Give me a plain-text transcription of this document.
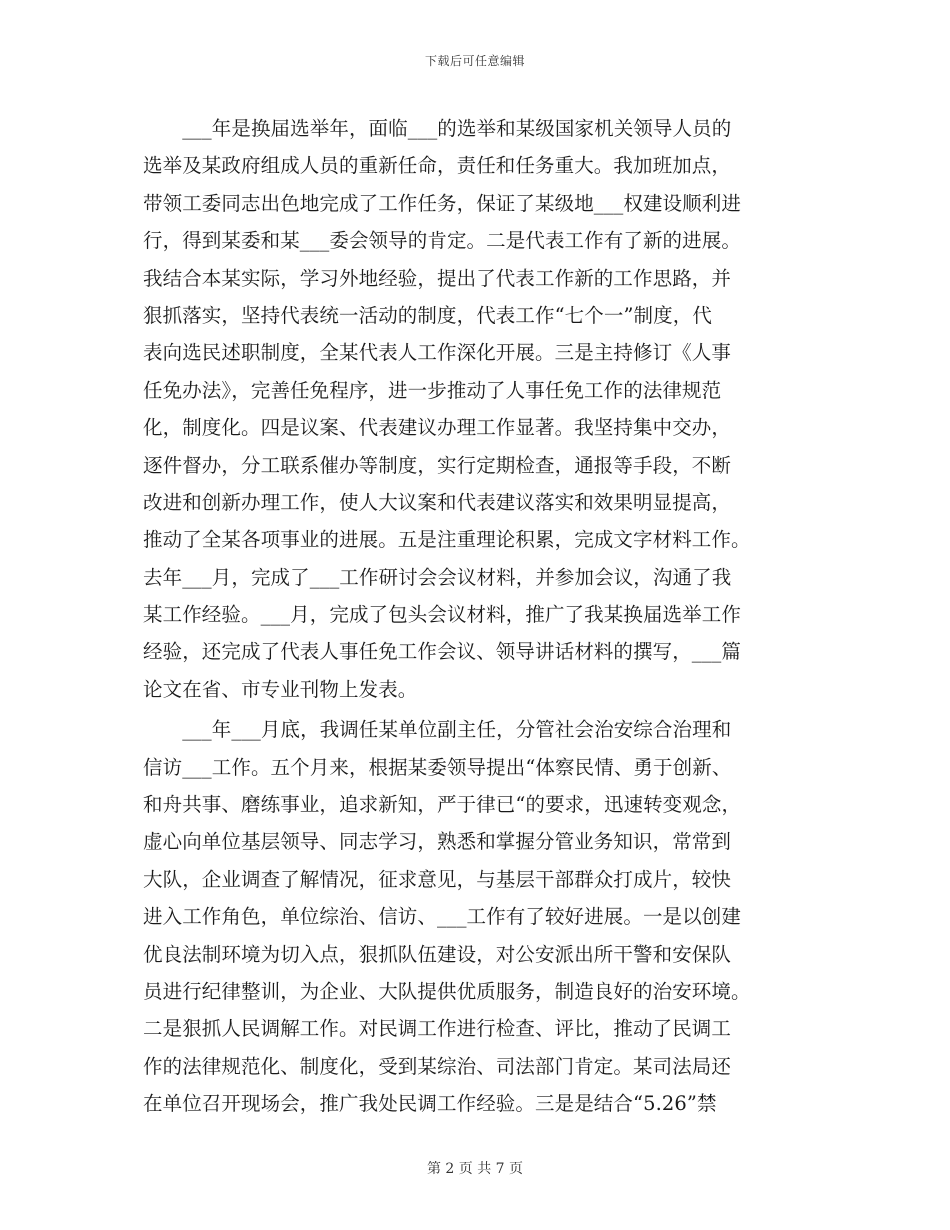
下载后可任意编辑
　　___年是换届选举年，面临___的选举和某级国家机关领导人员的
选举及某政府组成人员的重新任命，责任和任务重大。我加班加点，
带领工委同志出色地完成了工作任务，保证了某级地___权建设顺利进
行，得到某委和某___委会领导的肯定。二是代表工作有了新的进展。
我结合本某实际，学习外地经验，提出了代表工作新的工作思路，并
狠抓落实，坚持代表统一活动的制度，代表工作“七个一”制度，代
表向选民述职制度，全某代表人工作深化开展。三是主持修订《人事
任免办法》，完善任免程序，进一步推动了人事任免工作的法律规范
化，制度化。四是议案、代表建议办理工作显著。我坚持集中交办，
逐件督办，分工联系催办等制度，实行定期检查，通报等手段，不断
改进和创新办理工作，使人大议案和代表建议落实和效果明显提高，
推动了全某各项事业的进展。五是注重理论积累，完成文字材料工作。
去年___月，完成了___工作研讨会会议材料，并参加会议，沟通了我
某工作经验。___月，完成了包头会议材料，推广了我某换届选举工作
经验，还完成了代表人事任免工作会议、领导讲话材料的撰写，___篇
论文在省、市专业刊物上发表。
　　___年___月底，我调任某单位副主任，分管社会治安综合治理和
信访___工作。五个月来，根据某委领导提出“体察民情、勇于创新、
和舟共事、磨练事业，追求新知，严于律已“的要求，迅速转变观念，
虚心向单位基层领导、同志学习，熟悉和掌握分管业务知识，常常到
大队，企业调查了解情况，征求意见，与基层干部群众打成片，较快
进入工作角色，单位综治、信访、___工作有了较好进展。一是以创建
优良法制环境为切入点，狠抓队伍建设，对公安派出所干警和安保队
员进行纪律整训，为企业、大队提供优质服务，制造良好的治安环境。
二是狠抓人民调解工作。对民调工作进行检查、评比，推动了民调工
作的法律规范化、制度化，受到某综治、司法部门肯定。某司法局还
在单位召开现场会，推广我处民调工作经验。三是是结合“5.26”禁
第 2 页 共 7 页
